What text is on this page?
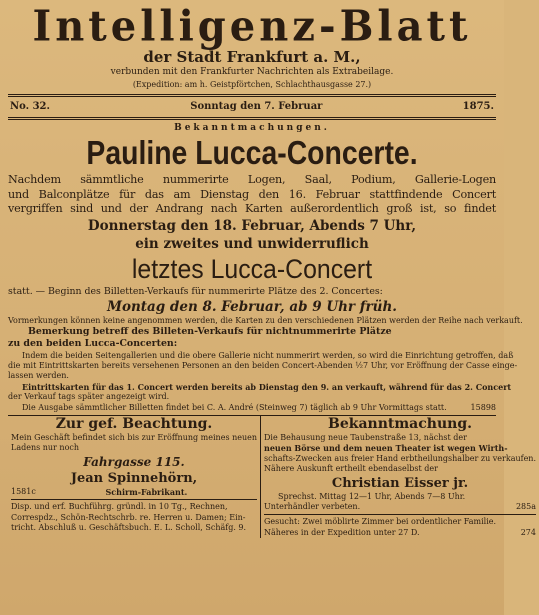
Intelligenz-Blatt
der Stadt Frankfurt a. M.,
verbunden mit den Frankfurter Nachrichten als Extrabeilage.
(Expedition: am h. Geistpförtchen, Schlachthausgasse 27.)
No. 32.	Sonntag den 7. Februar	1875.
Bekanntmachungen.
Pauline Lucca-Concerte.
Nachdem sämmtliche nummerirte Logen, Saal, Podium, Gallerie-Logen
und Balconplätze für das am Dienstag den 16. Februar stattfindende Concert
vergriffen sind und der Andrang nach Karten außerordentlich groß ist, so findet
Donnerstag den 18. Februar, Abends 7 Uhr,
ein zweites und unwiderruflich
letztes Lucca-Concert
statt. — Beginn des Billetten-Verkaufs für nummerirte Plätze des 2. Concertes:
Montag den 8. Februar, ab 9 Uhr früh.
Vormerkungen können keine angenommen werden, die Karten zu den verschiedenen Plätzen werden der Reihe nach verkauft.
Bemerkung betreff des Billeten-Verkaufs für nichtnummerirte Plätze
zu den beiden Lucca-Concerten:
Indem die beiden Seitengallerien und die obere Gallerie nicht nummerirt werden, so wird die Einrichtung getroffen, daß
die mit Eintrittskarten bereits versehenen Personen an den beiden Concert-Abenden ½7 Uhr, vor Eröffnung der Casse einge-
lassen werden.
Eintrittskarten für das 1. Concert werden bereits ab Dienstag den 9. an verkauft, während für das 2. Concert
der Verkauf tags später angezeigt wird.
Die Ausgabe sämmtlicher Billetten findet bei C. A. André (Steinweg 7) täglich ab 9 Uhr Vormittags statt.	15898
Zur gef. Beachtung.
Mein Geschäft befindet sich bis zur Eröffnung meines neuen
Ladens nur noch
Fahrgasse 115.
Jean Spinnehörn,
1581c	Schirm-Fabrikant.
Disp. und erf. Buchführg. gründl. in 10 Tg., Rechnen,
Correspdz., Schön-Rechtschrb. re. Herren u. Damen; Ein-
tricht. Abschluß u. Geschäftsbuch. E. L. Scholl, Schäfg. 9.
Bekanntmachung.
Die Behausung neue Taubenstraße 13, nächst der
neuen Börse und dem neuen Theater ist wegen Wirth-
schafts-Zwecken aus freier Hand erbtheilungshalber zu verkaufen.
Nähere Auskunft ertheilt ebendaselbst der
Christian Eisser jr.
Sprechst. Mittag 12—1 Uhr, Abends 7—8 Uhr.
Unterhändler verbeten.	285a
Gesucht: Zwei möblirte Zimmer bei ordentlicher Familie.
Näheres in der Expedition unter 27 D.	274
